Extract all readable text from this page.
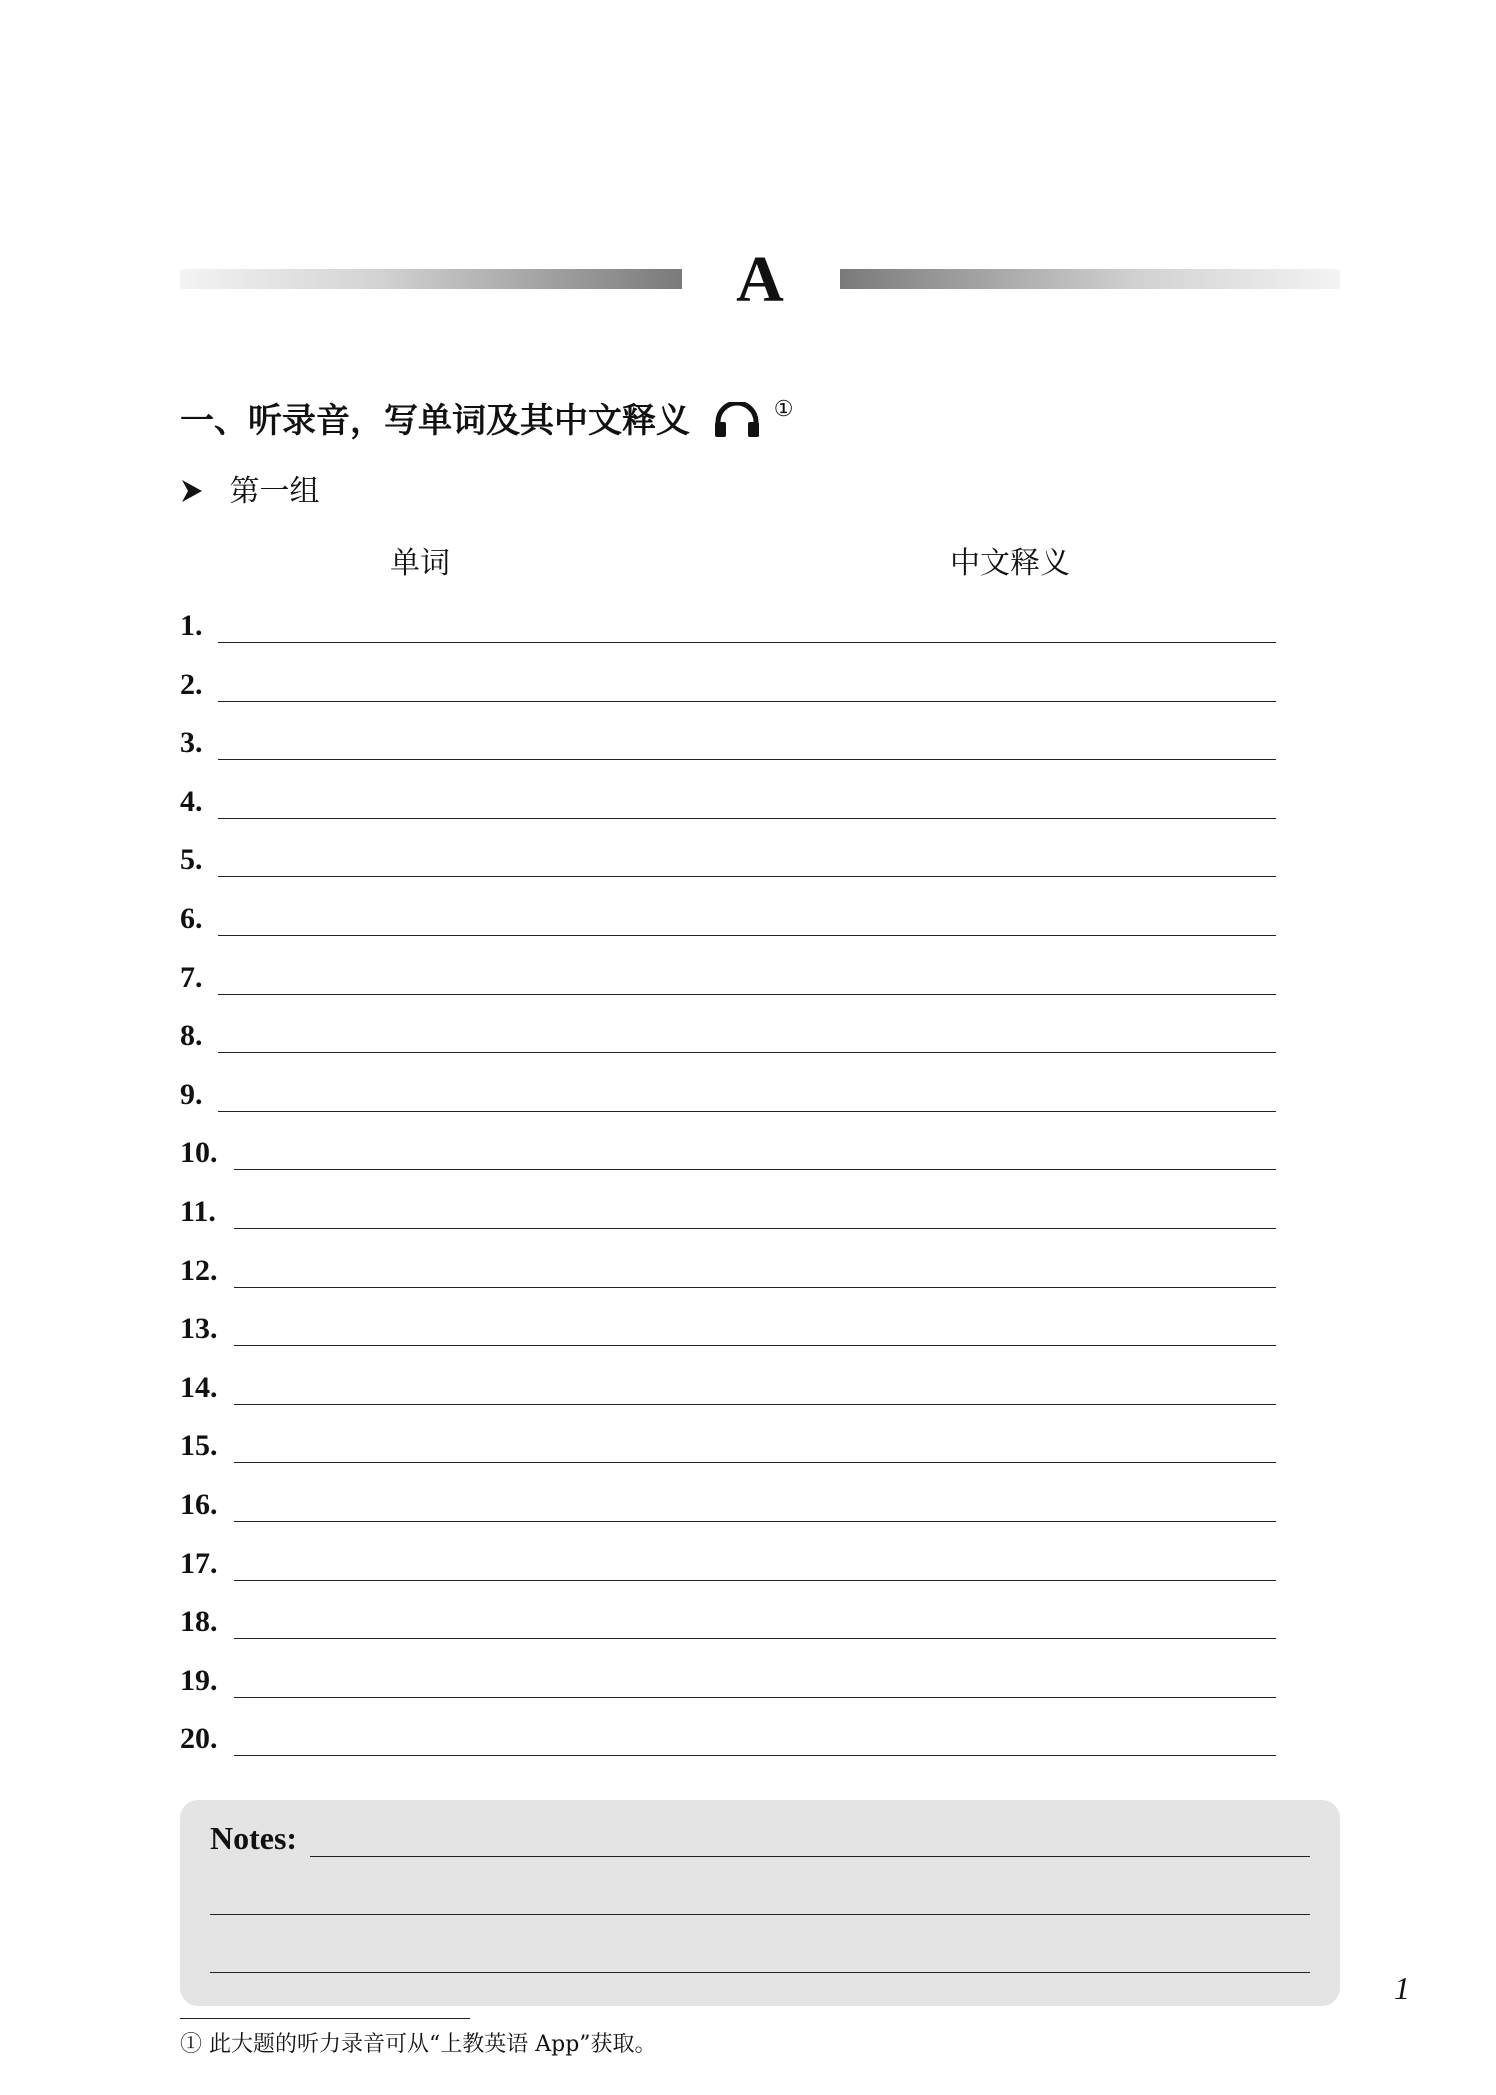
A
一、听录音，写单词及其中文释义	①
第一组
单词	中文释义
1.
2.
3.
4.
5.
6.
7.
8.
9.
10.
11.
12.
13.
14.
15.
16.
17.
18.
19.
20.
Notes:
1
① 此大题的听力录音可从“上教英语 App”获取。
